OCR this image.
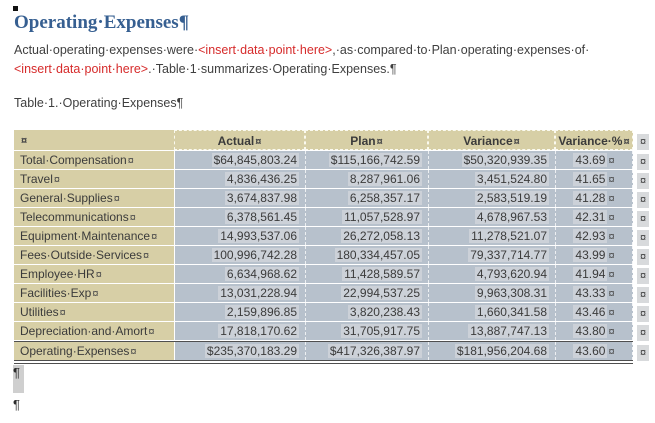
Operating·Expenses¶

Actual·operating·expenses·were·<insert·data·point·here>,·as·compared·to·Plan·operating·expenses·of·
<insert·data·point·here>.·Table·1·summarizes·Operating·Expenses.¶

Table·1.·Operating·Expenses¶

¤	Actual¤	Plan¤	Variance¤	Variance·%¤ ¤
Total·Compensation¤	$64,845,803.24	$115,166,742.59	$50,320,939.35	43.69 ¤	¤
Travel¤	4,836,436.25	8,287,961.06	3,451,524.80	41.65 ¤	¤
General·Supplies¤	3,674,837.98	6,258,357.17	2,583,519.19	41.28 ¤	¤
Telecommunications¤	6,378,561.45	11,057,528.97	4,678,967.53	42.31 ¤	¤
Equipment·Maintenance¤	14,993,537.06	26,272,058.13	11,278,521.07	42.93 ¤	¤
Fees·Outside·Services¤	100,996,742.28	180,334,457.05	79,337,714.77	43.99 ¤	¤
Employee·HR¤	6,634,968.62	11,428,589.57	4,793,620.94	41.94 ¤	¤
Facilities·Exp¤	13,031,228.94	22,994,537.25	9,963,308.31	43.33 ¤	¤
Utilities¤	2,159,896.85	3,820,238.43	1,660,341.58	43.46 ¤	¤
Depreciation·and·Amort¤	17,818,170.62	31,705,917.75	13,887,747.13	43.80 ¤	¤
Operating·Expenses¤	$235,370,183.29	$417,326,387.97	$181,956,204.68	43.60 ¤	¤
¶
¶
